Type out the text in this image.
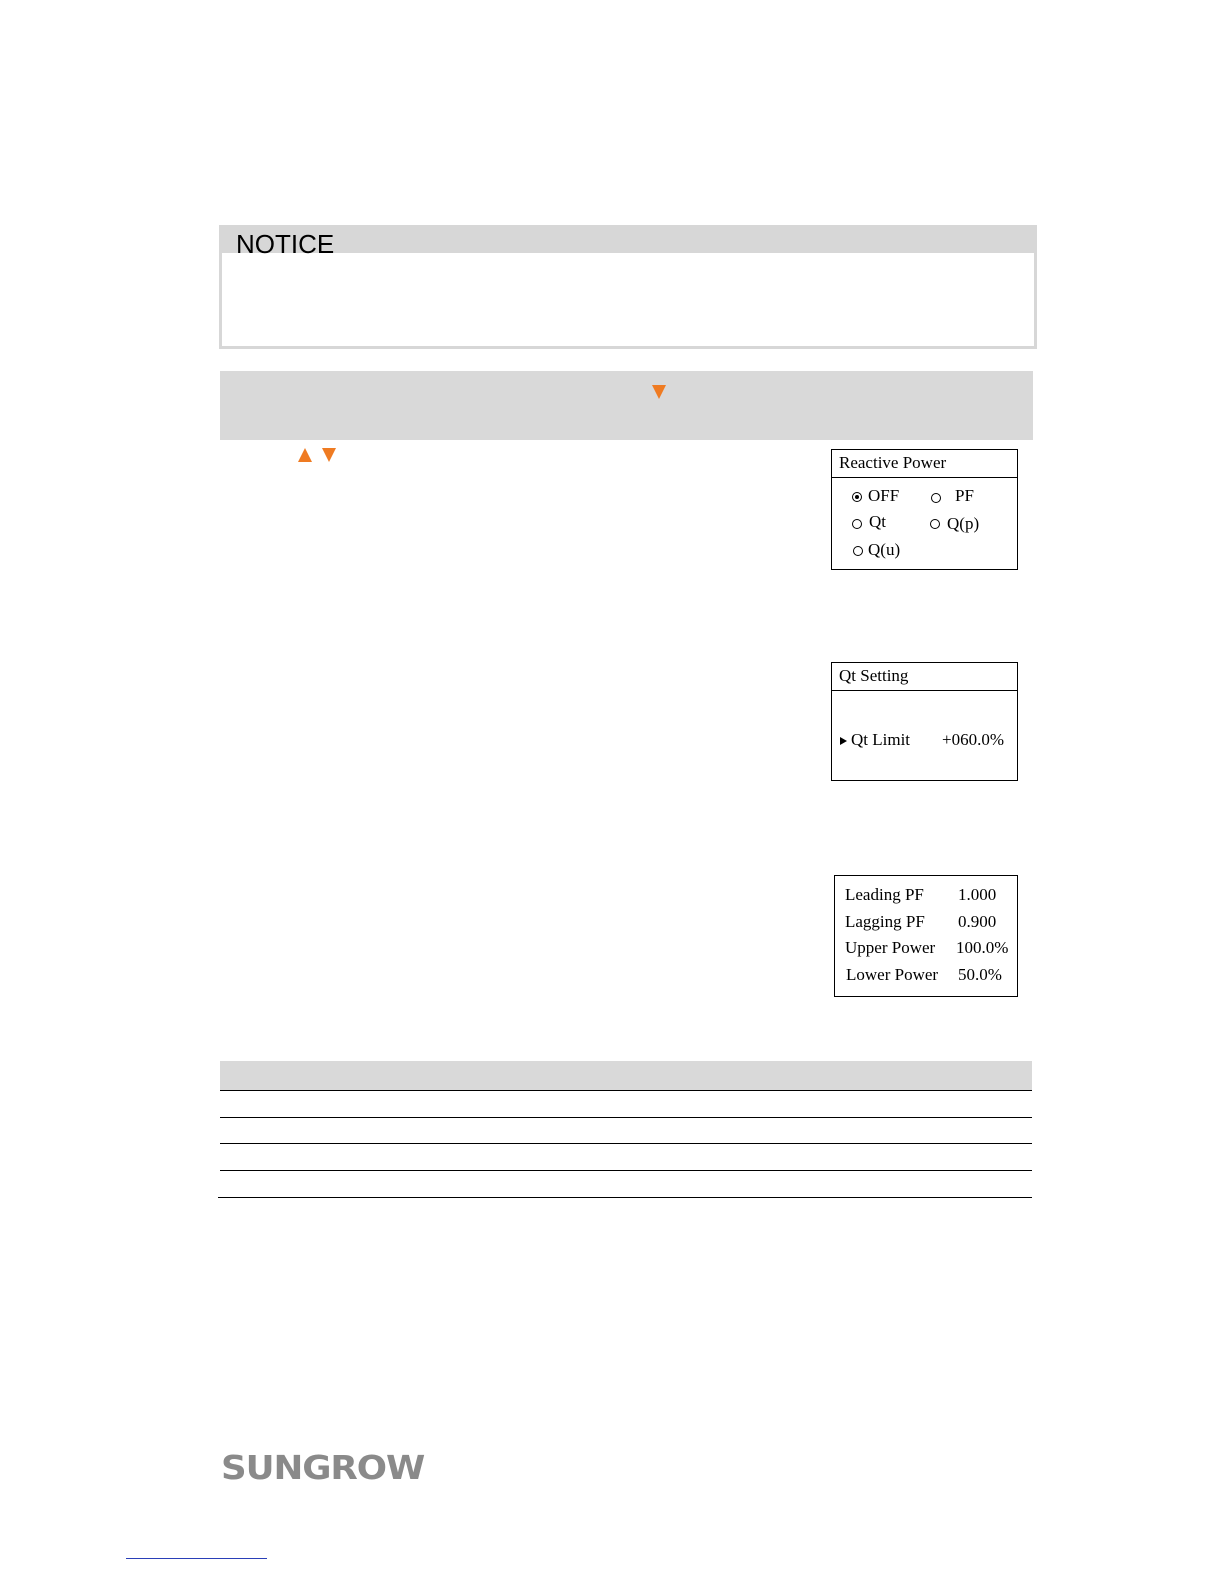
NOTICE
Reactive Power
OFF	PF
Qt	Q(p)
Q(u)
Qt Setting
Qt Limit +060.0%
Leading PF 1.000
Lagging PF 0.900
Upper Power 100.0%
Lower Power 50.0%
SUNGROW
